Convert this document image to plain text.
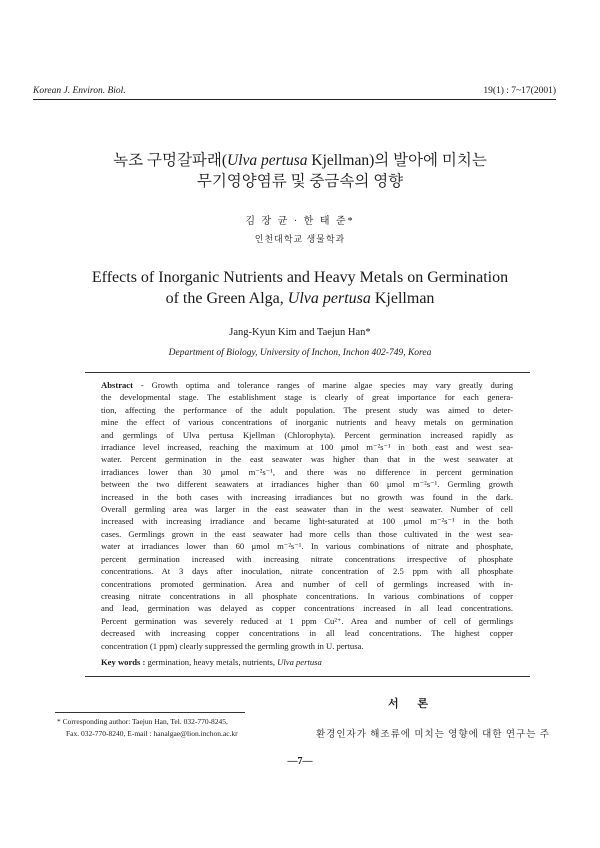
Korean J. Environ. Biol.	19(1) : 7~17(2001)
녹조 구멍갈파래(Ulva pertusa Kjellman)의 발아에 미치는
무기영양염류 및 중금속의 영향
김 장 균 · 한 태 준*
인천대학교 생물학과
Effects of Inorganic Nutrients and Heavy Metals on Germination
of the Green Alga, Ulva pertusa Kjellman
Jang-Kyun Kim and Taejun Han*
Department of Biology, University of Inchon, Inchon 402-749, Korea
Abstract - Growth optima and tolerance ranges of marine algae species may vary greatly during
the developmental stage. The establishment stage is clearly of great importance for each genera-
tion, affecting the performance of the adult population. The present study was aimed to deter-
mine the effect of various concentrations of inorganic nutrients and heavy metals on germination
and germlings of Ulva pertusa Kjellman (Chlorophyta). Percent germination increased rapidly as
irradiance level increased, reaching the maximum at 100 μmol m⁻²s⁻¹ in both east and west sea-
water. Percent germination in the east seawater was higher than that in the west seawater at
irradiances lower than 30 μmol m⁻²s⁻¹, and there was no difference in percent germination
between the two different seawaters at irradiances higher than 60 μmol m⁻²s⁻¹. Germling growth
increased in the both cases with increasing irradiances but no growth was found in the dark.
Overall germling area was larger in the east seawater than in the west seawater. Number of cell
increased with increasing irradiance and became light-saturated at 100 μmol m⁻²s⁻¹ in the both
cases. Germlings grown in the east seawater had more cells than those cultivated in the west sea-
water at irradiances lower than 60 μmol m⁻²s⁻¹. In various combinations of nitrate and phosphate,
percent germination increased with increasing nitrate concentrations irrespective of phosphate
concentrations. At 3 days after inoculation, nitrate concentration of 2.5 ppm with all phosphate
concentrations promoted germination. Area and number of cell of germlings increased with in-
creasing nitrate concentrations in all phosphate concentrations. In various combinations of copper
and lead, germination was delayed as copper concentrations increased in all lead concentrations.
Percent germination was severely reduced at 1 ppm Cu²⁺. Area and number of cell of germlings
decreased with increasing copper concentrations in all lead concentrations. The highest copper
concentration (1 ppm) clearly suppressed the germling growth in U. pertusa.
Key words : germination, heavy metals, nutrients, Ulva pertusa
서 론
* Corresponding author: Taejun Han, Tel. 032-770-8245,
Fax. 032-770-8240, E-mail : hanalgae@lion.inchon.ac.kr	환경인자가 해조류에 미치는 영향에 대한 연구는 주
—7—
